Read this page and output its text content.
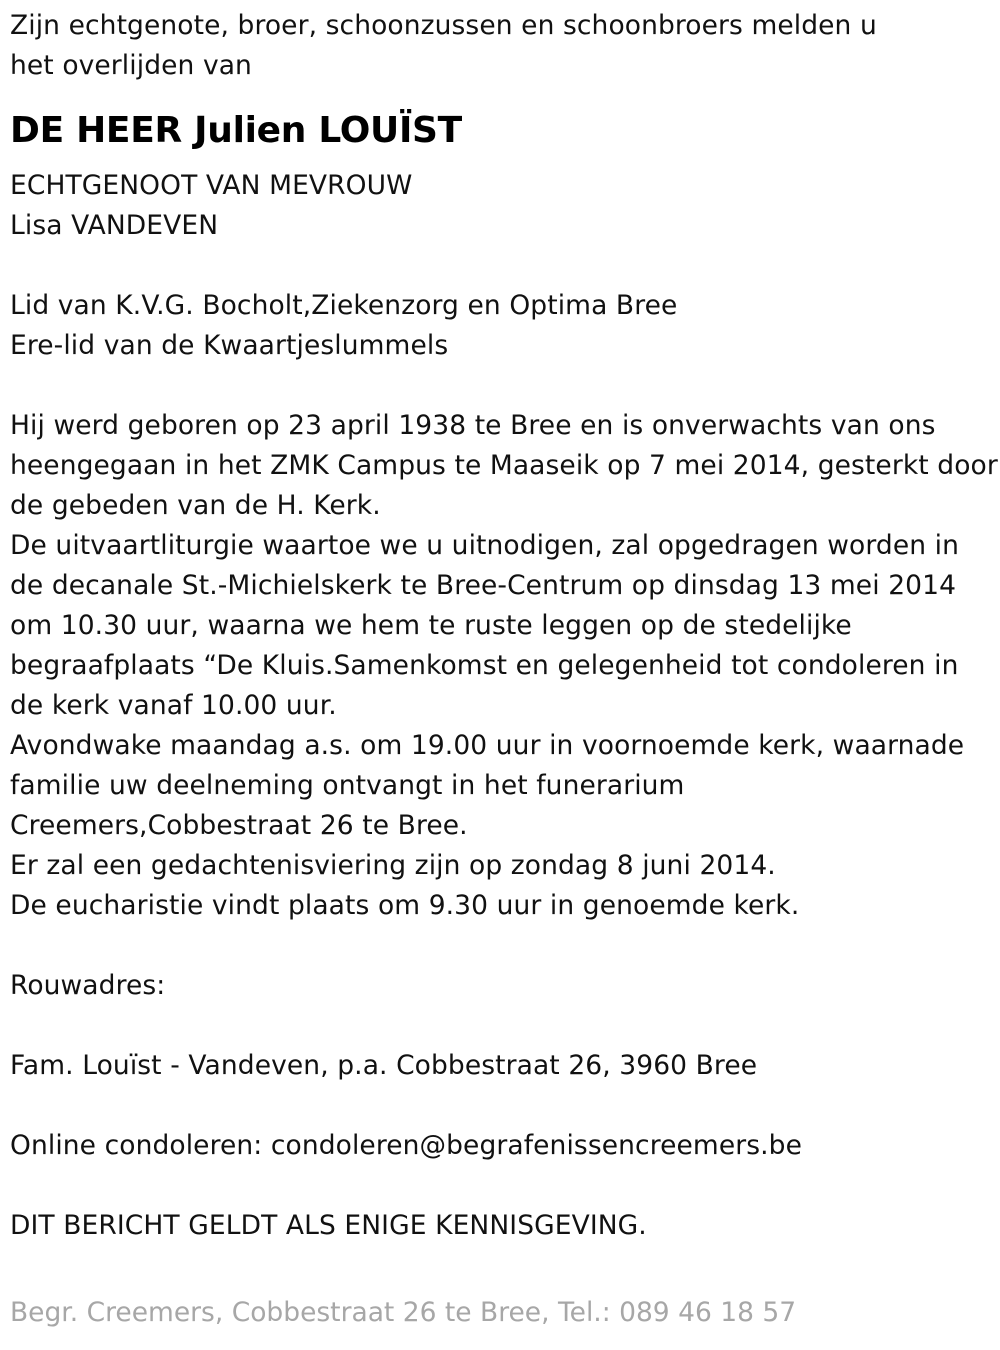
Zijn echtgenote, broer, schoonzussen en schoonbroers melden u
het overlijden van
DE HEER Julien LOUÏST
ECHTGENOOT VAN MEVROUW
Lisa VANDEVEN
Lid van K.V.G. Bocholt,Ziekenzorg en Optima Bree
Ere-lid van de Kwaartjeslummels
Hij werd geboren op 23 april 1938 te Bree en is onverwachts van ons
heengegaan in het ZMK Campus te Maaseik op 7 mei 2014, gesterkt door
de gebeden van de H. Kerk.
De uitvaartliturgie waartoe we u uitnodigen, zal opgedragen worden in
de decanale St.-Michielskerk te Bree-Centrum op dinsdag 13 mei 2014
om 10.30 uur, waarna we hem te ruste leggen op de stedelijke
begraafplaats “De Kluis.Samenkomst en gelegenheid tot condoleren in
de kerk vanaf 10.00 uur.
Avondwake maandag a.s. om 19.00 uur in voornoemde kerk, waarnade
familie uw deelneming ontvangt in het funerarium
Creemers,Cobbestraat 26 te Bree.
Er zal een gedachtenisviering zijn op zondag 8 juni 2014.
De eucharistie vindt plaats om 9.30 uur in genoemde kerk.
Rouwadres:
Fam. Louïst - Vandeven, p.a. Cobbestraat 26, 3960 Bree
Online condoleren: condoleren@begrafenissencreemers.be
DIT BERICHT GELDT ALS ENIGE KENNISGEVING.
Begr. Creemers, Cobbestraat 26 te Bree, Tel.: 089 46 18 57
